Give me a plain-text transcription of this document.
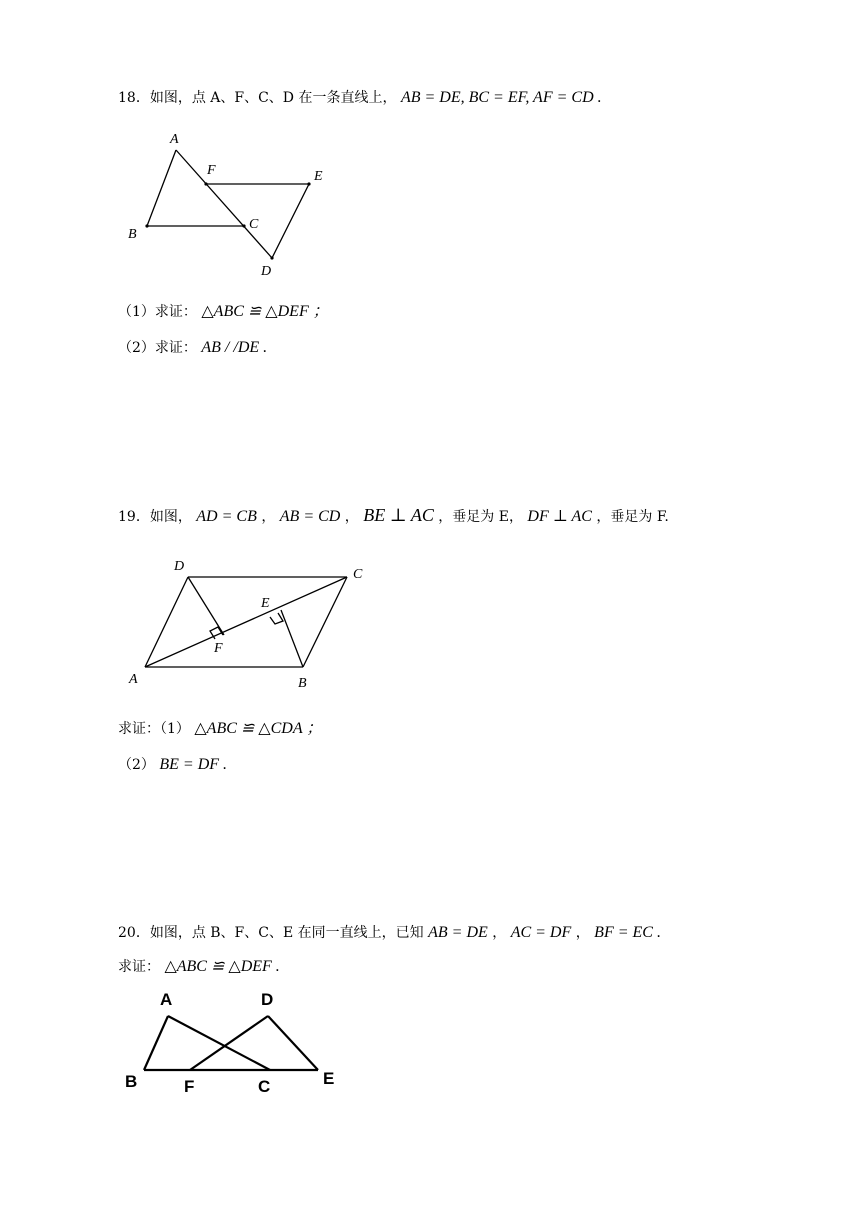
18．如图，点 A、F、C、D 在一条直线上， AB = DE, BC = EF, AF = CD .
A
F	E
B
C
D
（1）求证： △ABC ≌ △DEF ；
（2）求证： AB / /DE .
19．如图， AD = CB ， AB = CD ， BE ⊥ AC ，垂足为 E， DF ⊥ AC ，垂足为 F.
D
C
E
F
A	B
求证：（1） △ABC ≌ △CDA ；
（2） BE = DF .
20．如图，点 B、F、C、E 在同一直线上，已知 AB = DE ， AC = DF ， BF = EC .
求证： △ABC ≌ △DEF .
A	D
B	F	C	E
